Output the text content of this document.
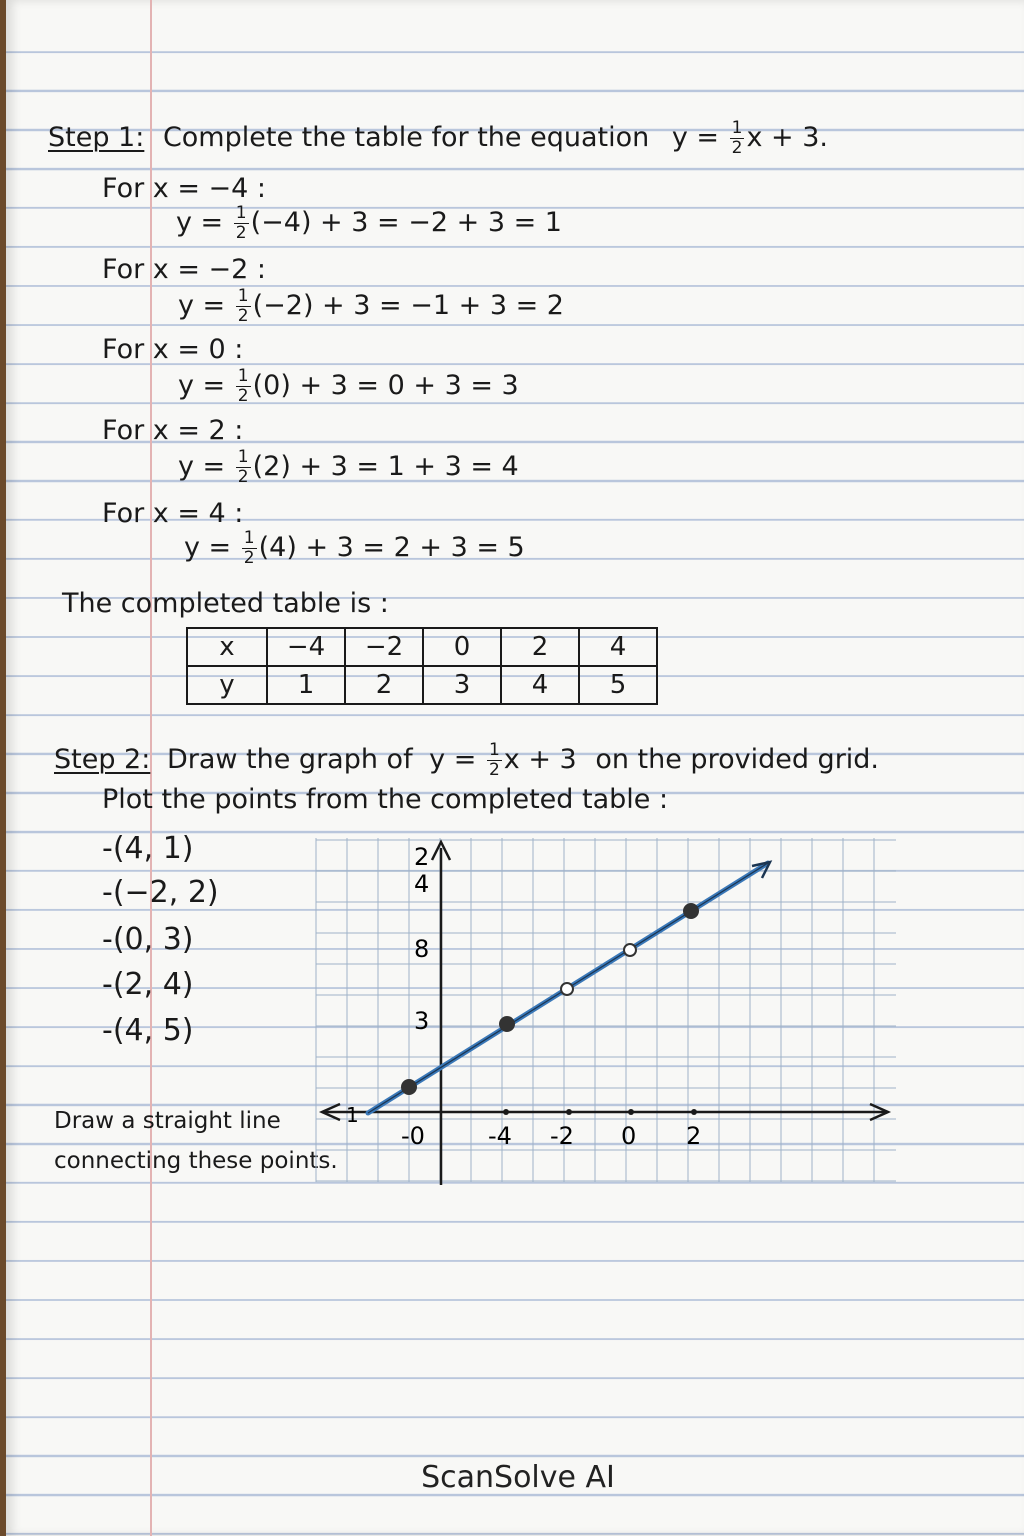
Step 1: Complete the table for the equation $y = \frac{1}{2}$ x + 3.
For x = −4 :
$y = \frac{1}{2} (-4) + 3 = -2 + 3 = 1$
For x = −2 :
$y = \frac{1}{2} (-2) + 3 = -1 + 3 = 2$
For x = 0 :
$y = \frac{1}{2} (0) + 3 = 0 + 3 = 3$
For x = 2 :
$y = \frac{1}{2} (2) + 3 = 1 + 3 = 4$
For x = 4 :
$y = \frac{1}{2} (4) + 3 = 2 + 3 = 5$
The completed table is :
x	−4	−2	0	2	4
y	1	2	3	4	5
Step 2: Draw the graph of $y = \frac{1}{2}$ x + 3 on the provided grid.
Plot the points from the completed table :
-(4, 1)
-(−2, 2)
-(0, 3)
-(2, 4)
-(4, 5)
Draw a straight line
connecting these points.
2
4
8
3
1
-0	-4 -2 0 2
ScanSolve AI
